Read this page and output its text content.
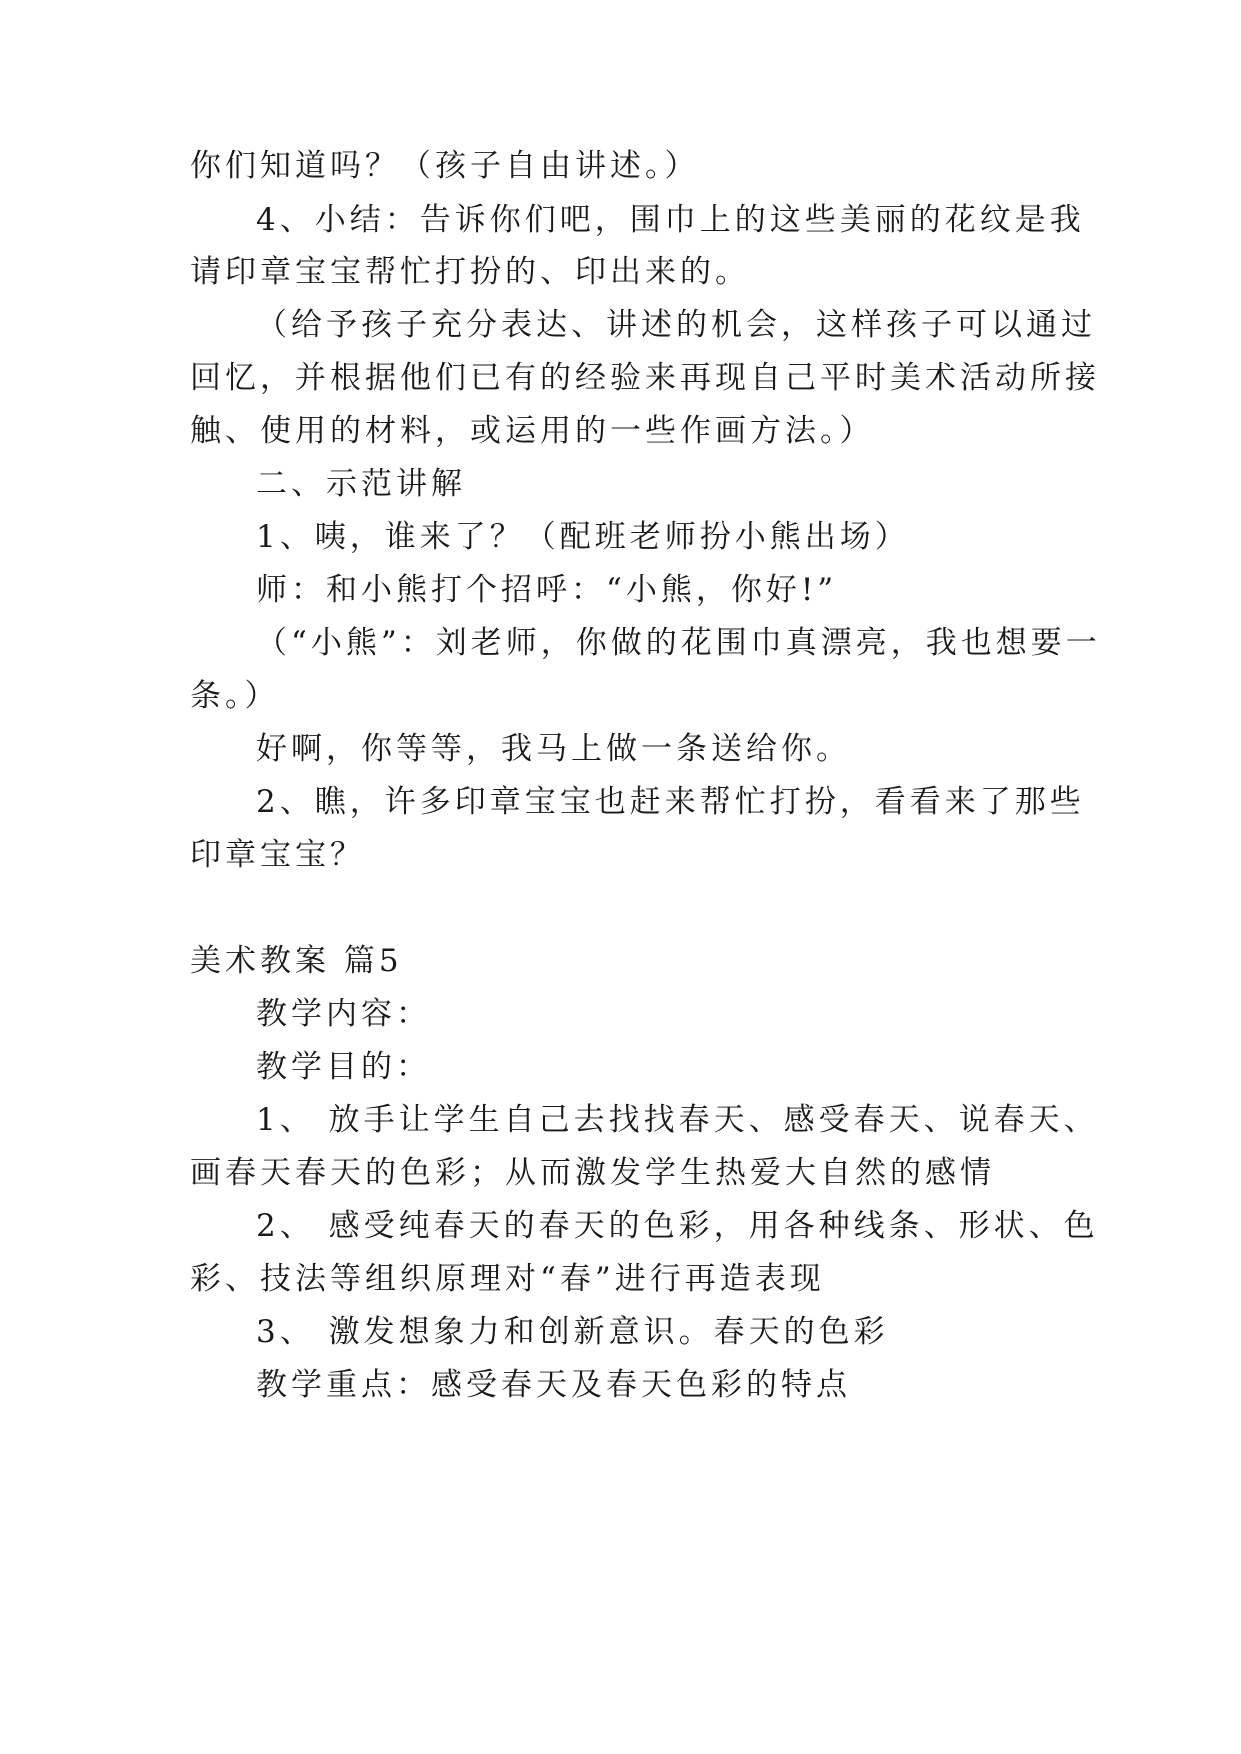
你们知道吗？（孩子自由讲述。）
4、小结：告诉你们吧，围巾上的这些美丽的花纹是我
请印章宝宝帮忙打扮的、印出来的。
（给予孩子充分表达、讲述的机会，这样孩子可以通过
回忆，并根据他们已有的经验来再现自己平时美术活动所接
触、使用的材料，或运用的一些作画方法。）
二、示范讲解
1、咦，谁来了？（配班老师扮小熊出场）
师：和小熊打个招呼：“小熊，你好!”
（“小熊”：刘老师，你做的花围巾真漂亮，我也想要一
条。）
好啊，你等等，我马上做一条送给你。
2、瞧，许多印章宝宝也赶来帮忙打扮，看看来了那些
印章宝宝？
美术教案 篇5
教学内容：
教学目的：
1、 放手让学生自己去找找春天、感受春天、说春天、
画春天春天的色彩；从而激发学生热爱大自然的感情
2、 感受纯春天的春天的色彩，用各种线条、形状、色
彩、技法等组织原理对“春”进行再造表现
3、 激发想象力和创新意识。春天的色彩
教学重点：感受春天及春天色彩的特点
